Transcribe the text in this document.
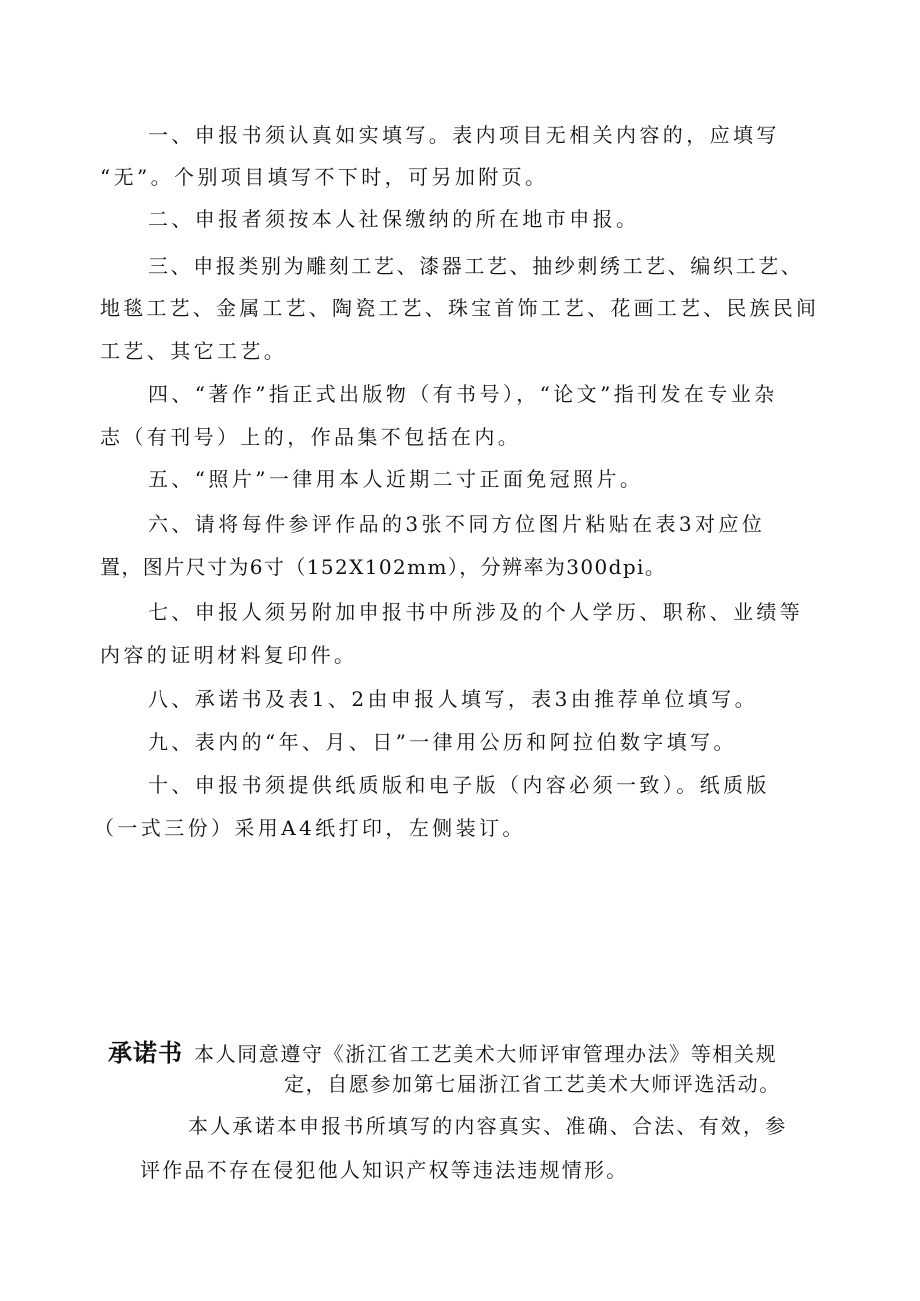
一、申报书须认真如实填写。表内项目无相关内容的，应填写
“无”。个别项目填写不下时，可另加附页。
二、申报者须按本人社保缴纳的所在地市申报。
三、申报类别为雕刻工艺、漆器工艺、抽纱刺绣工艺、编织工艺、
地毯工艺、金属工艺、陶瓷工艺、珠宝首饰工艺、花画工艺、民族民间
工艺、其它工艺。
四、“著作”指正式出版物（有书号），“论文”指刊发在专业杂
志（有刊号）上的，作品集不包括在内。
五、“照片”一律用本人近期二寸正面免冠照片。
六、请将每件参评作品的3张不同方位图片粘贴在表3对应位
置，图片尺寸为6寸（152X102mm），分辨率为300dpi。
七、申报人须另附加申报书中所涉及的个人学历、职称、业绩等
内容的证明材料复印件。
八、承诺书及表1、2由申报人填写，表3由推荐单位填写。
九、表内的“年、月、日”一律用公历和阿拉伯数字填写。
十、申报书须提供纸质版和电子版（内容必须一致）。纸质版
（一式三份）采用A4纸打印，左侧装订。
承诺书 本人同意遵守《浙江省工艺美术大师评审管理办法》等相关规
定，自愿参加第七届浙江省工艺美术大师评选活动。
本人承诺本申报书所填写的内容真实、准确、合法、有效，参
评作品不存在侵犯他人知识产权等违法违规情形。
